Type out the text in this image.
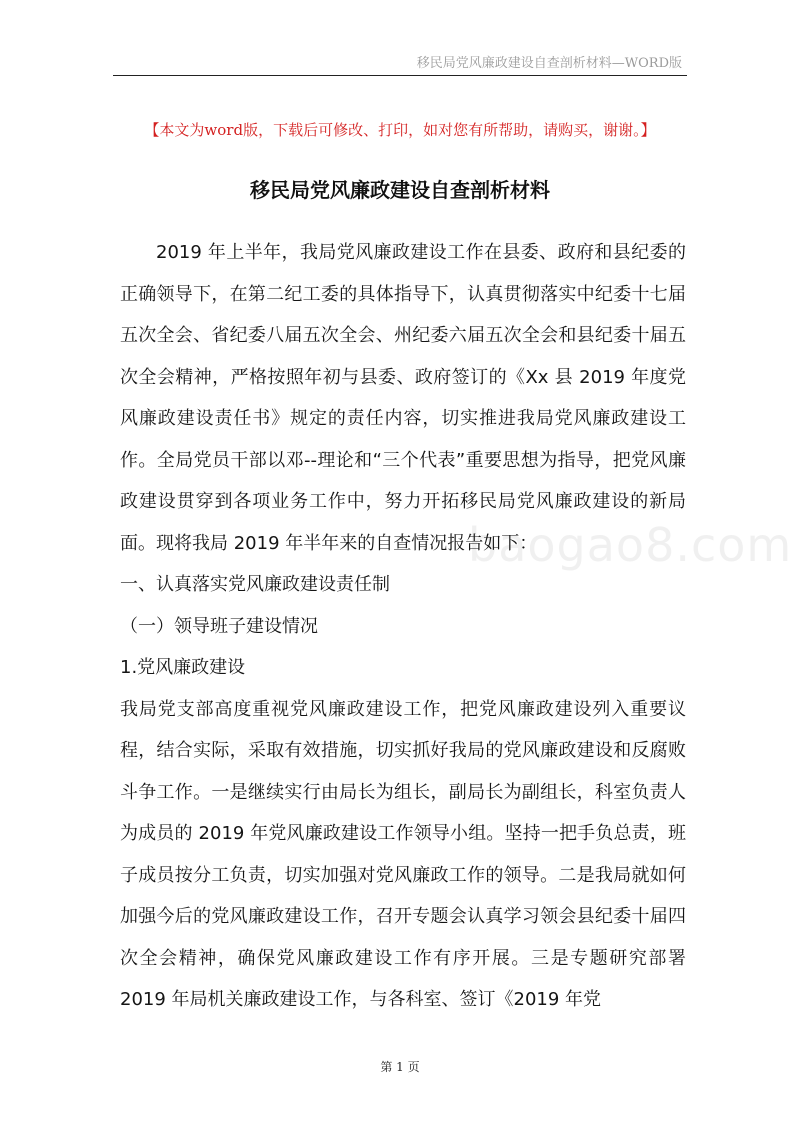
移民局党风廉政建设自查剖析材料—WORD版
【本文为word版，下载后可修改、打印，如对您有所帮助，请购买，谢谢。】
移民局党风廉政建设自查剖析材料
baogao8.com

2019 年上半年，我局党风廉政建设工作在县委、政府和县纪委的正确领导下，在第二纪工委的具体指导下，认真贯彻落实中纪委十七届五次全会、省纪委八届五次全会、州纪委六届五次全会和县纪委十届五次全会精神，严格按照年初与县委、政府签订的《Xx 县 2019 年度党风廉政建设责任书》规定的责任内容，切实推进我局党风廉政建设工作。全局党员干部以邓--理论和“三个代表”重要思想为指导，把党风廉政建设贯穿到各项业务工作中，努力开拓移民局党风廉政建设的新局面。现将我局 2019 年半年来的自查情况报告如下：

一、认真落实党风廉政建设责任制

（一）领导班子建设情况

1.党风廉政建设

我局党支部高度重视党风廉政建设工作，把党风廉政建设列入重要议程，结合实际，采取有效措施，切实抓好我局的党风廉政建设和反腐败斗争工作。一是继续实行由局长为组长，副局长为副组长，科室负责人为成员的 2019 年党风廉政建设工作领导小组。坚持一把手负总责，班子成员按分工负责，切实加强对党风廉政工作的领导。二是我局就如何加强今后的党风廉政建设工作，召开专题会认真学习领会县纪委十届四次全会精神，确保党风廉政建设工作有序开展。三是专题研究部署 2019 年局机关廉政建设工作，与各科室、签订《2019 年党

第 1 页
